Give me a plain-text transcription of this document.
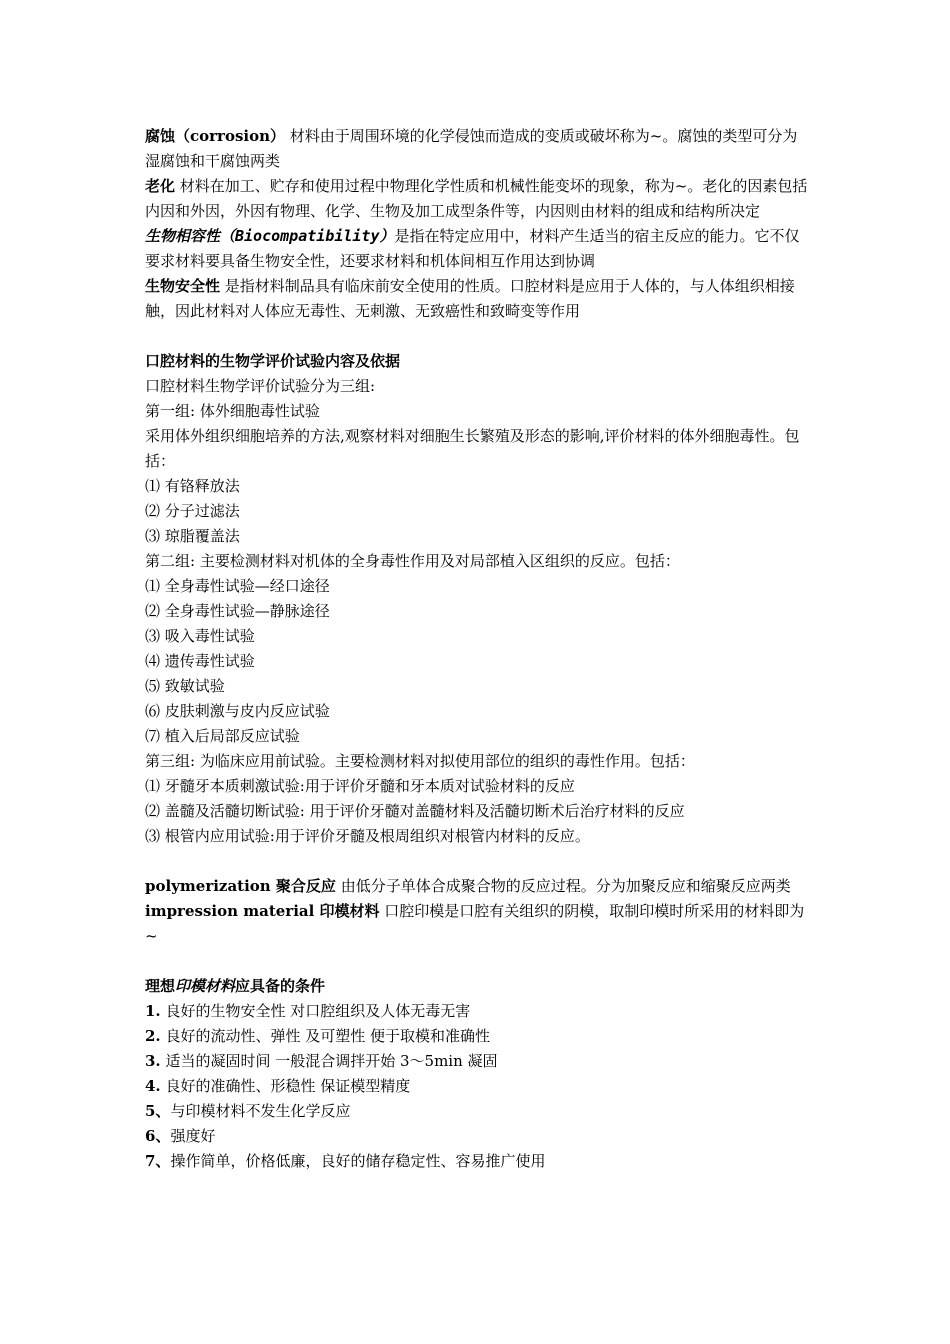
腐蚀（corrosion） 材料由于周围环境的化学侵蚀而造成的变质或破坏称为~。腐蚀的类型可分为湿腐蚀和干腐蚀两类

老化 材料在加工、贮存和使用过程中物理化学性质和机械性能变坏的现象，称为~。老化的因素包括内因和外因，外因有物理、化学、生物及加工成型条件等，内因则由材料的组成和结构所决定

生物相容性（Biocompatibility）是指在特定应用中，材料产生适当的宿主反应的能力。它不仅要求材料要具备生物安全性，还要求材料和机体间相互作用达到协调

生物安全性 是指材料制品具有临床前安全使用的性质。口腔材料是应用于人体的，与人体组织相接触，因此材料对人体应无毒性、无刺激、无致癌性和致畸变等作用

口腔材料的生物学评价试验内容及依据

口腔材料生物学评价试验分为三组:

第一组: 体外细胞毒性试验

采用体外组织细胞培养的方法,观察材料对细胞生长繁殖及形态的影响,评价材料的体外细胞毒性。包括：

⑴ 有铬释放法

⑵ 分子过滤法

⑶ 琼脂覆盖法

第二组: 主要检测材料对机体的全身毒性作用及对局部植入区组织的反应。包括：

⑴ 全身毒性试验—经口途径

⑵ 全身毒性试验—静脉途径

⑶ 吸入毒性试验

⑷ 遗传毒性试验

⑸ 致敏试验

⑹ 皮肤刺激与皮内反应试验

⑺ 植入后局部反应试验

第三组: 为临床应用前试验。主要检测材料对拟使用部位的组织的毒性作用。包括：

⑴ 牙髓牙本质刺激试验:用于评价牙髓和牙本质对试验材料的反应

⑵ 盖髓及活髓切断试验: 用于评价牙髓对盖髓材料及活髓切断术后治疗材料的反应

⑶ 根管内应用试验:用于评价牙髓及根周组织对根管内材料的反应。

polymerization 聚合反应 由低分子单体合成聚合物的反应过程。分为加聚反应和缩聚反应两类

impression material 印模材料 口腔印模是口腔有关组织的阴模，取制印模时所采用的材料即为~

理想印模材料应具备的条件

1. 良好的生物安全性 对口腔组织及人体无毒无害

2. 良好的流动性、弹性 及可塑性 便于取模和准确性

3. 适当的凝固时间 一般混合调拌开始 3～5min 凝固

4. 良好的准确性、形稳性 保证模型精度

5、与印模材料不发生化学反应

6、强度好

7、操作简单，价格低廉，良好的储存稳定性、容易推广使用
